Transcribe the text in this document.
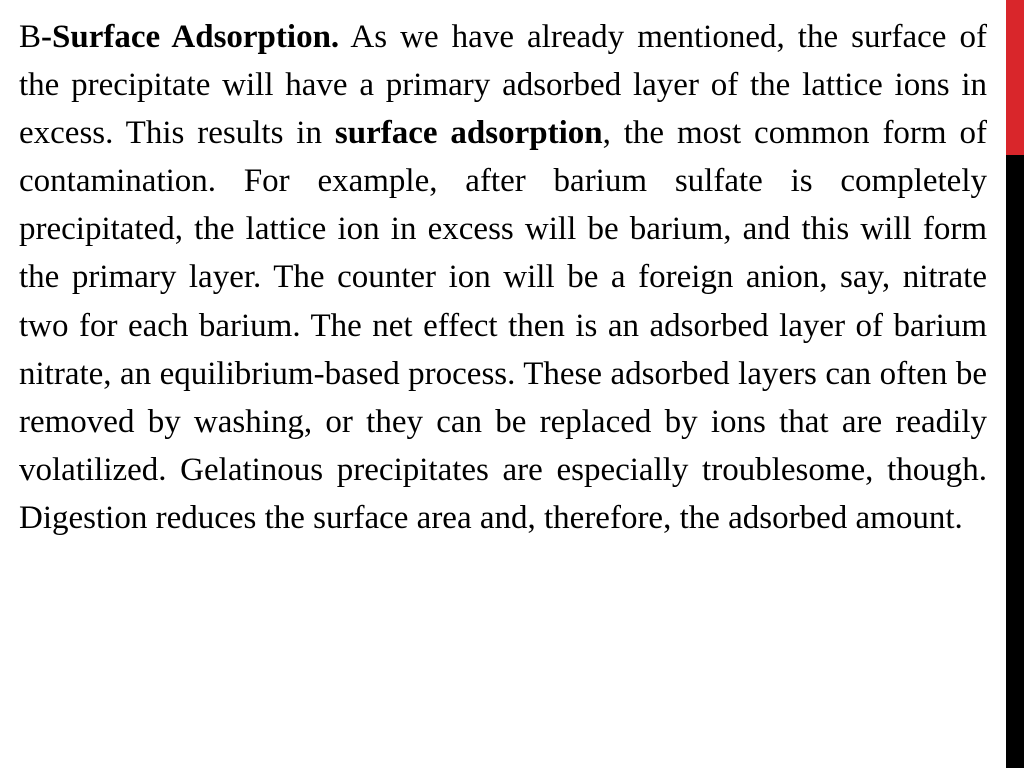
B-Surface Adsorption. As we have already mentioned, the surface of the precipitate will have a primary adsorbed layer of the lattice ions in excess. This results in surface adsorption, the most common form of contamination. For example, after barium sulfate is completely precipitated, the lattice ion in excess will be barium, and this will form the primary layer. The counter ion will be a foreign anion, say, nitrate two for each barium. The net effect then is an adsorbed layer of barium nitrate, an equilibrium-based process. These adsorbed layers can often be removed by washing, or they can be replaced by ions that are readily volatilized. Gelatinous precipitates are especially troublesome, though. Digestion reduces the surface area and, therefore, the adsorbed amount.
